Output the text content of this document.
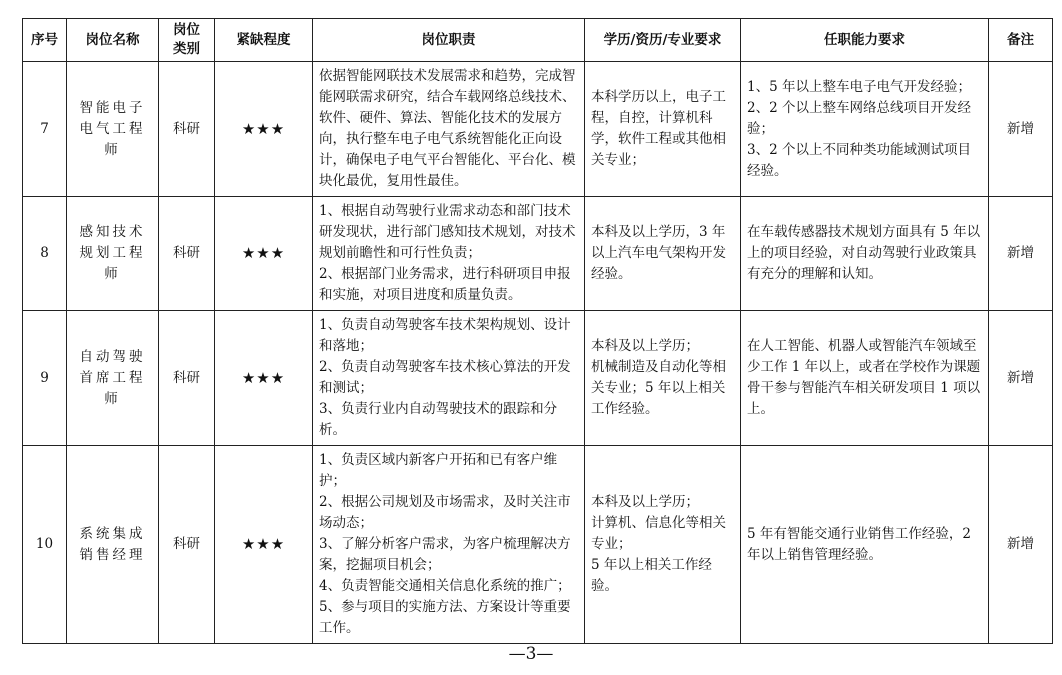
序号	岗位名称	岗位
类别	紧缺程度	岗位职责	学历/资历/专业要求	任职能力要求	备注
7	智能电子电气工程师	科研	★★★	依据智能网联技术发展需求和趋势，完成智能网联需求研究，结合车载网络总线技术、软件、硬件、算法、智能化技术的发展方向，执行整车电子电气系统智能化正向设计，确保电子电气平台智能化、平台化、模块化最优，复用性最佳。	本科学历以上，电子工程，自控，计算机科学，软件工程或其他相关专业；	1、5 年以上整车电子电气开发经验；
2、2 个以上整车网络总线项目开发经验；
3、2 个以上不同种类功能域测试项目经验。	新增
8	感知技术规划工程师	科研	★★★	1、根据自动驾驶行业需求动态和部门技术研发现状，进行部门感知技术规划，对技术规划前瞻性和可行性负责；
2、根据部门业务需求，进行科研项目申报和实施，对项目进度和质量负责。	本科及以上学历，3 年以上汽车电气架构开发经验。	在车载传感器技术规划方面具有 5 年以上的项目经验，对自动驾驶行业政策具有充分的理解和认知。	新增
9	自动驾驶首席工程师	科研	★★★	1、负责自动驾驶客车技术架构规划、设计和落地；
2、负责自动驾驶客车技术核心算法的开发和测试；
3、负责行业内自动驾驶技术的跟踪和分析。	本科及以上学历；
机械制造及自动化等相关专业；5 年以上相关工作经验。	在人工智能、机器人或智能汽车领域至少工作 1 年以上，或者在学校作为课题骨干参与智能汽车相关研发项目 1 项以上。	新增
10	系统集成销售经理	科研	★★★	1、负责区域内新客户开拓和已有客户维护；
2、根据公司规划及市场需求，及时关注市场动态；
3、了解分析客户需求，为客户梳理解决方案，挖掘项目机会；
4、负责智能交通相关信息化系统的推广；
5、参与项目的实施方法、方案设计等重要工作。	本科及以上学历；
计算机、信息化等相关专业；
5 年以上相关工作经验。	5 年有智能交通行业销售工作经验，2 年以上销售管理经验。	新增
—3—
